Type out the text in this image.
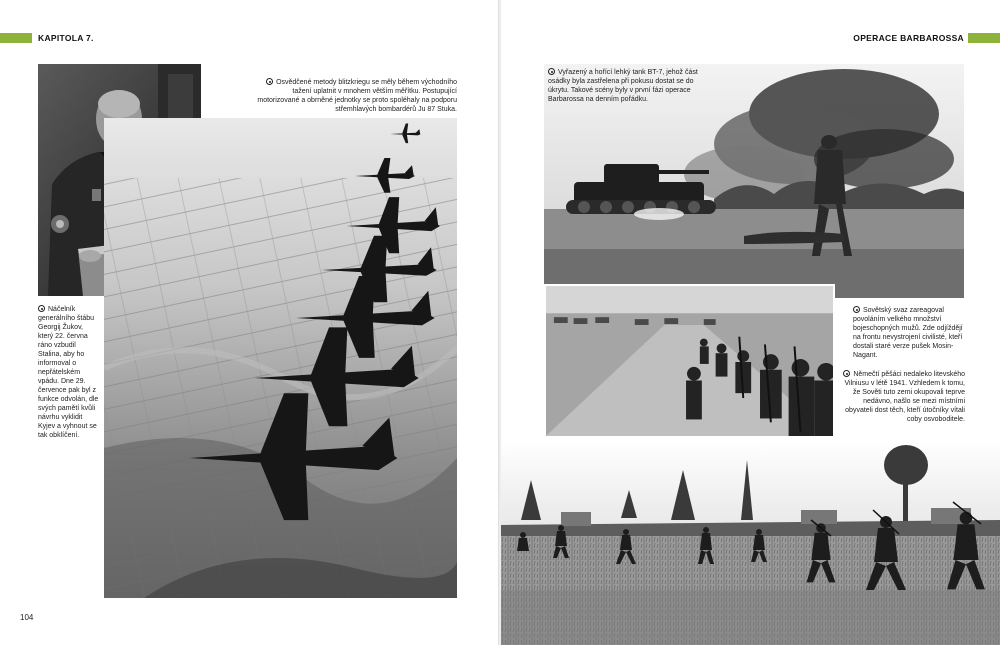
KAPITOLA 7.
Osvědčené metody blitzkriegu se měly během východního tažení uplatnit v mnohem větším měřítku. Postupující motorizované a obrněné jednotky se proto spoléhaly na podporu střemhlavých bombardérů Ju 87 Stuka.
Náčelník generálního štábu Georgij Žukov, který 22. června ráno vzbudil Stalina, aby ho informoval o nepřátelském vpádu. Dne 29. července pak byl z funkce odvolán, dle svých pamětí kvůli návrhu vyklidit Kyjev a vyhnout se tak obklíčení.
104
OPERACE BARBAROSSA
Vyřazený a hořící lehký tank BT-7, jehož část osádky byla zastřelena při pokusu dostat se do úkrytu. Takové scény byly v první fázi operace Barbarossa na denním pořádku.
Sovětský svaz zareagoval povoláním velkého množství bojeschopných mužů. Zde odjíždějí na frontu nevystrojení civilisté, kteří dostali staré verze pušek Mosin-Nagant.
Němečtí pěšáci nedaleko litevského Vilniusu v létě 1941. Vzhledem k tomu, že Sověti tuto zemi okupovali teprve nedávno, našlo se mezi místními obyvateli dost těch, kteří útočníky vítali coby osvoboditele.
